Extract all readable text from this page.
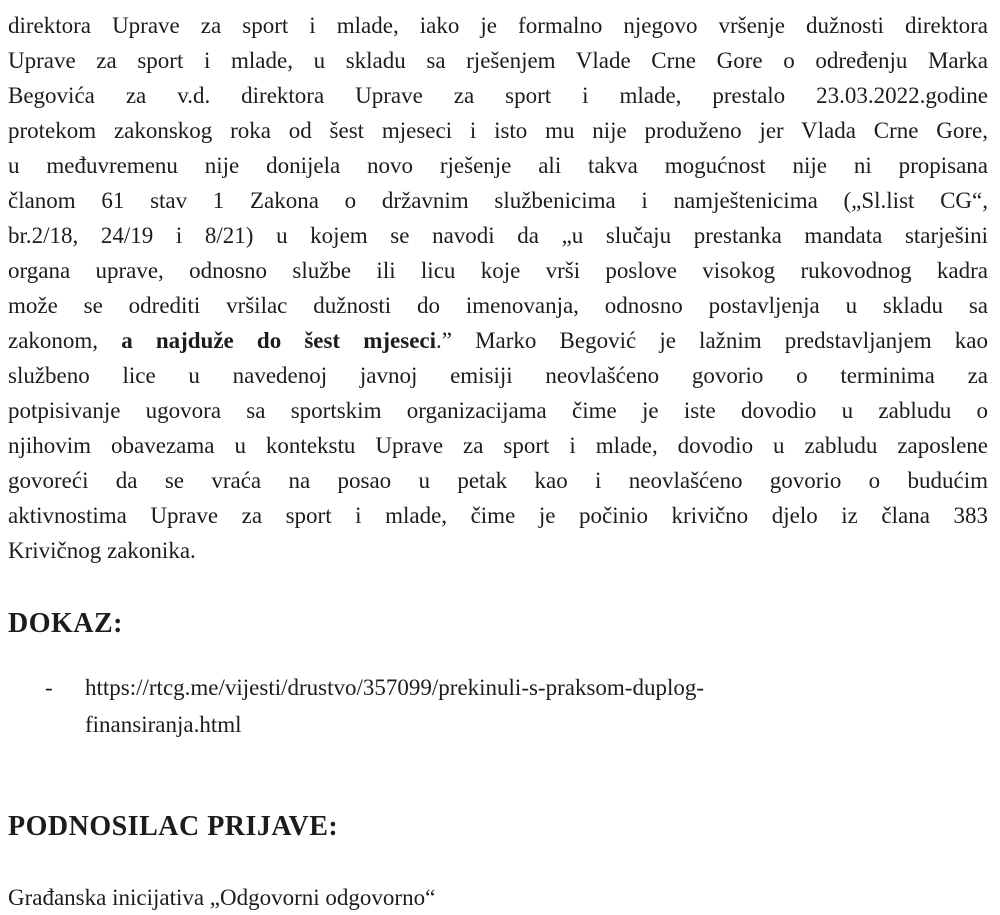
direktora Uprave za sport i mlade, iako je formalno njegovo vršenje dužnosti direktora
Uprave za sport i mlade, u skladu sa rješenjem Vlade Crne Gore o određenju Marka
Begovića za v.d. direktora Uprave za sport i mlade, prestalo 23.03.2022.godine
protekom zakonskog roka od šest mjeseci i isto mu nije produženo jer Vlada Crne Gore,
u međuvremenu nije donijela novo rješenje ali takva mogućnost nije ni propisana
članom 61 stav 1 Zakona o državnim službenicima i namještenicima („Sl.list CG“,
br.2/18, 24/19 i 8/21) u kojem se navodi da „u slučaju prestanka mandata starješini
organa uprave, odnosno službe ili licu koje vrši poslove visokog rukovodnog kadra
može se odrediti vršilac dužnosti do imenovanja, odnosno postavljenja u skladu sa
zakonom, a najduže do šest mjeseci.” Marko Begović je lažnim predstavljanjem kao
službeno lice u navedenoj javnoj emisiji neovlašćeno govorio o terminima za
potpisivanje ugovora sa sportskim organizacijama čime je iste dovodio u zabludu o
njihovim obavezama u kontekstu Uprave za sport i mlade, dovodio u zabludu zaposlene
govoreći da se vraća na posao u petak kao i neovlašćeno govorio o budućim
aktivnostima Uprave za sport i mlade, čime je počinio krivično djelo iz člana 383
Krivičnog zakonika.
DOKAZ:
- https://rtcg.me/vijesti/drustvo/357099/prekinuli-s-praksom-duplog-
finansiranja.html
PODNOSILAC PRIJAVE:
Građanska inicijativa „Odgovorni odgovorno“
